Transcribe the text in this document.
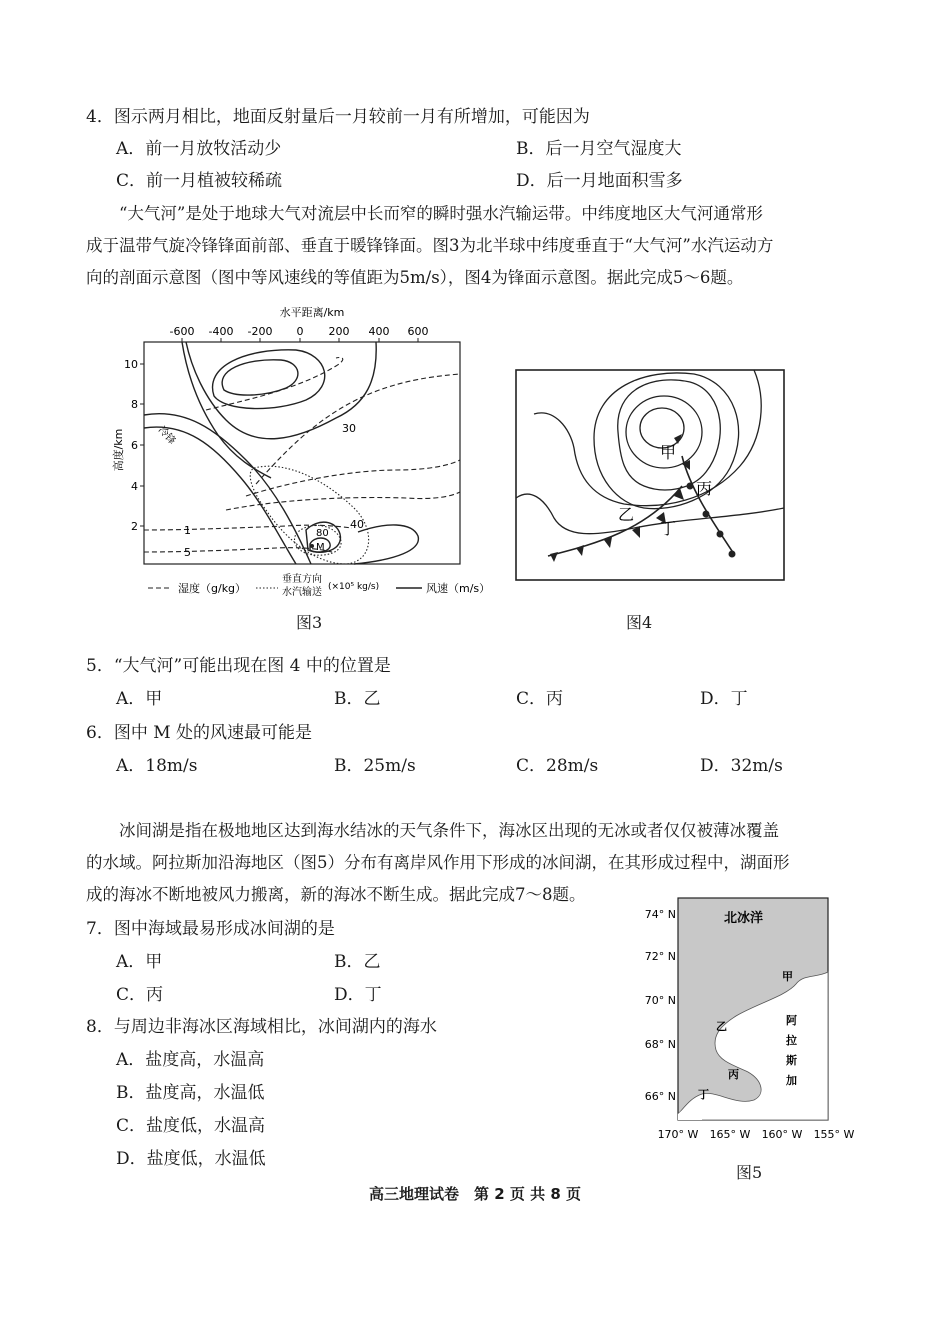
4．图示两月相比，地面反射量后一月较前一月有所增加，可能因为
A．前一月放牧活动少	B．后一月空气湿度大
C．前一月植被较稀疏	D．后一月地面积雪多
“大气河”是处于地球大气对流层中长而窄的瞬时强水汽输运带。中纬度地区大气河通常形
成于温带气旋冷锋锋面前部、垂直于暖锋锋面。图3为北半球中纬度垂直于“大气河”水汽运动方
向的剖面示意图（图中等风速线的等值距为5m/s），图4为锋面示意图。据此完成5～6题。
水平距离/km
-600 -400 -200 0 200 400 600
10
8
6
4
2
高度/km
30
40
80
1
5	M
冷锋
湿度（g/kg）
垂直方向
水汽输送 (×10⁵ kg/s)	风速（m/s）
图3
甲
乙
丙
丁
图4
5．“大气河”可能出现在图 4 中的位置是
A．甲	B．乙	C．丙	D．丁
6．图中 M 处的风速最可能是
A．18m/s	B．25m/s	C．28m/s	D．32m/s
冰间湖是指在极地地区达到海水结冰的天气条件下，海冰区出现的无冰或者仅仅被薄冰覆盖
的水域。阿拉斯加沿海地区（图5）分布有离岸风作用下形成的冰间湖，在其形成过程中，湖面形
成的海冰不断地被风力搬离，新的海冰不断生成。据此完成7～8题。
7．图中海域最易形成冰间湖的是
A．甲	B．乙
C．丙	D．丁
8．与周边非海冰区海域相比，冰间湖内的海水
A．盐度高，水温高
B．盐度高，水温低
C．盐度低，水温高
D．盐度低，水温低
北冰洋
甲
乙
丙
丁
阿
拉
斯
加
74° N
72° N
70° N
68° N
66° N
170° W 165° W 160° W 155° W
图5
高三地理试卷　第 2 页 共 8 页
